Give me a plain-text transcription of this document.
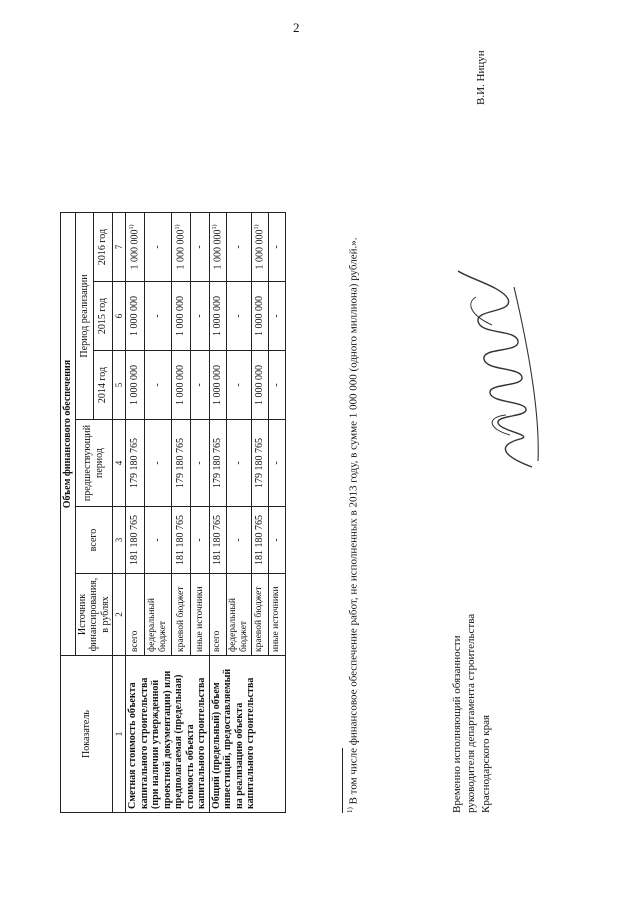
2
Показатель	Объем финансового обеспечения					
	Источник финансирования, в рублях	всего	предшествующий период	Период реализации		
				2014 год	2015 год	2016 год
1	2	3	4	5	6	7
Сметная стоимость объекта капитального строительства (при наличии утвержденной проектной документации) или предполагаемая (предельная) стоимость объекта капитального строительства	всего	181 180 765	179 180 765	1 000 000	1 000 000	1 000 000$^{1)}$
	федеральный бюджет	-	-	-	-	-
	краевой бюджет	181 180 765	179 180 765	1 000 000	1 000 000	1 000 000$^{1)}$
	иные источники	-	-	-	-	-
Общий (предельный) объем инвестиций, предоставляемый на реализацию объекта капитального строительства	всего	181 180 765	179 180 765	1 000 000	1 000 000	1 000 000$^{1)}$
	федеральный бюджет	-	-	-	-	-
	краевой бюджет	181 180 765	179 180 765	1 000 000	1 000 000	1 000 000$^{1)}$
	иные источники	-	-	-	-	-
$^{1)}$ В том числе финансовое обеспечение работ, не исполненных в 2013 году, в сумме 1 000 000 (одного миллиона) рублей.».	Временно исполняющий обязанности руководителя департамента строительства Краснодарского края
В.И. Ницун
